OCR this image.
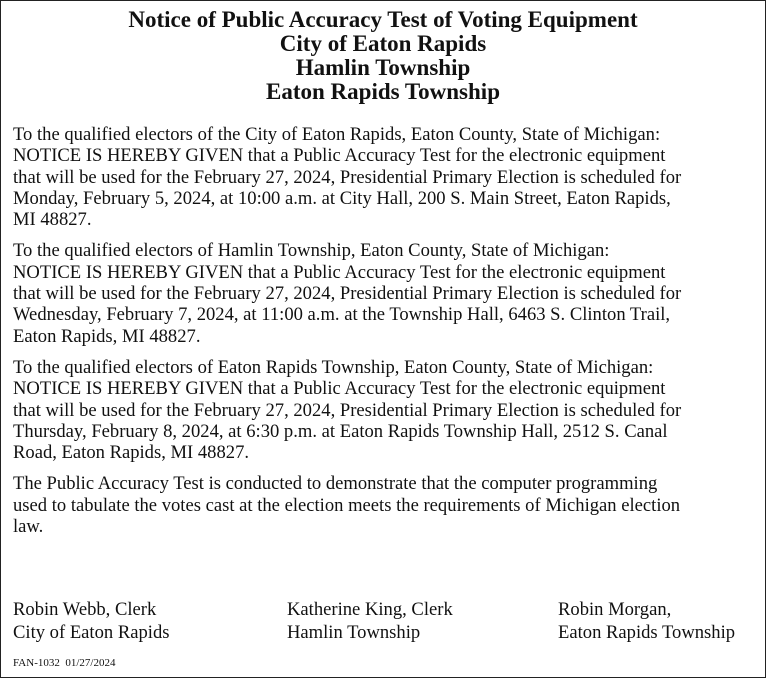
Notice of Public Accuracy Test of Voting Equipment
City of Eaton Rapids
Hamlin Township
Eaton Rapids Township
To the qualified electors of the City of Eaton Rapids, Eaton County, State of Michigan:
NOTICE IS HEREBY GIVEN that a Public Accuracy Test for the electronic equipment
that will be used for the February 27, 2024, Presidential Primary Election is scheduled for
Monday, February 5, 2024, at 10:00 a.m. at City Hall, 200 S. Main Street, Eaton Rapids,
MI 48827.
To the qualified electors of Hamlin Township, Eaton County, State of Michigan:
NOTICE IS HEREBY GIVEN that a Public Accuracy Test for the electronic equipment
that will be used for the February 27, 2024, Presidential Primary Election is scheduled for
Wednesday, February 7, 2024, at 11:00 a.m. at the Township Hall, 6463 S. Clinton Trail,
Eaton Rapids, MI 48827.
To the qualified electors of Eaton Rapids Township, Eaton County, State of Michigan:
NOTICE IS HEREBY GIVEN that a Public Accuracy Test for the electronic equipment
that will be used for the February 27, 2024, Presidential Primary Election is scheduled for
Thursday, February 8, 2024, at 6:30 p.m. at Eaton Rapids Township Hall, 2512 S. Canal
Road, Eaton Rapids, MI 48827.
The Public Accuracy Test is conducted to demonstrate that the computer programming
used to tabulate the votes cast at the election meets the requirements of Michigan election
law.
Robin Webb, Clerk
City of Eaton Rapids
Katherine King, Clerk
Hamlin Township
Robin Morgan,
Eaton Rapids Township
FAN-1032  01/27/2024
